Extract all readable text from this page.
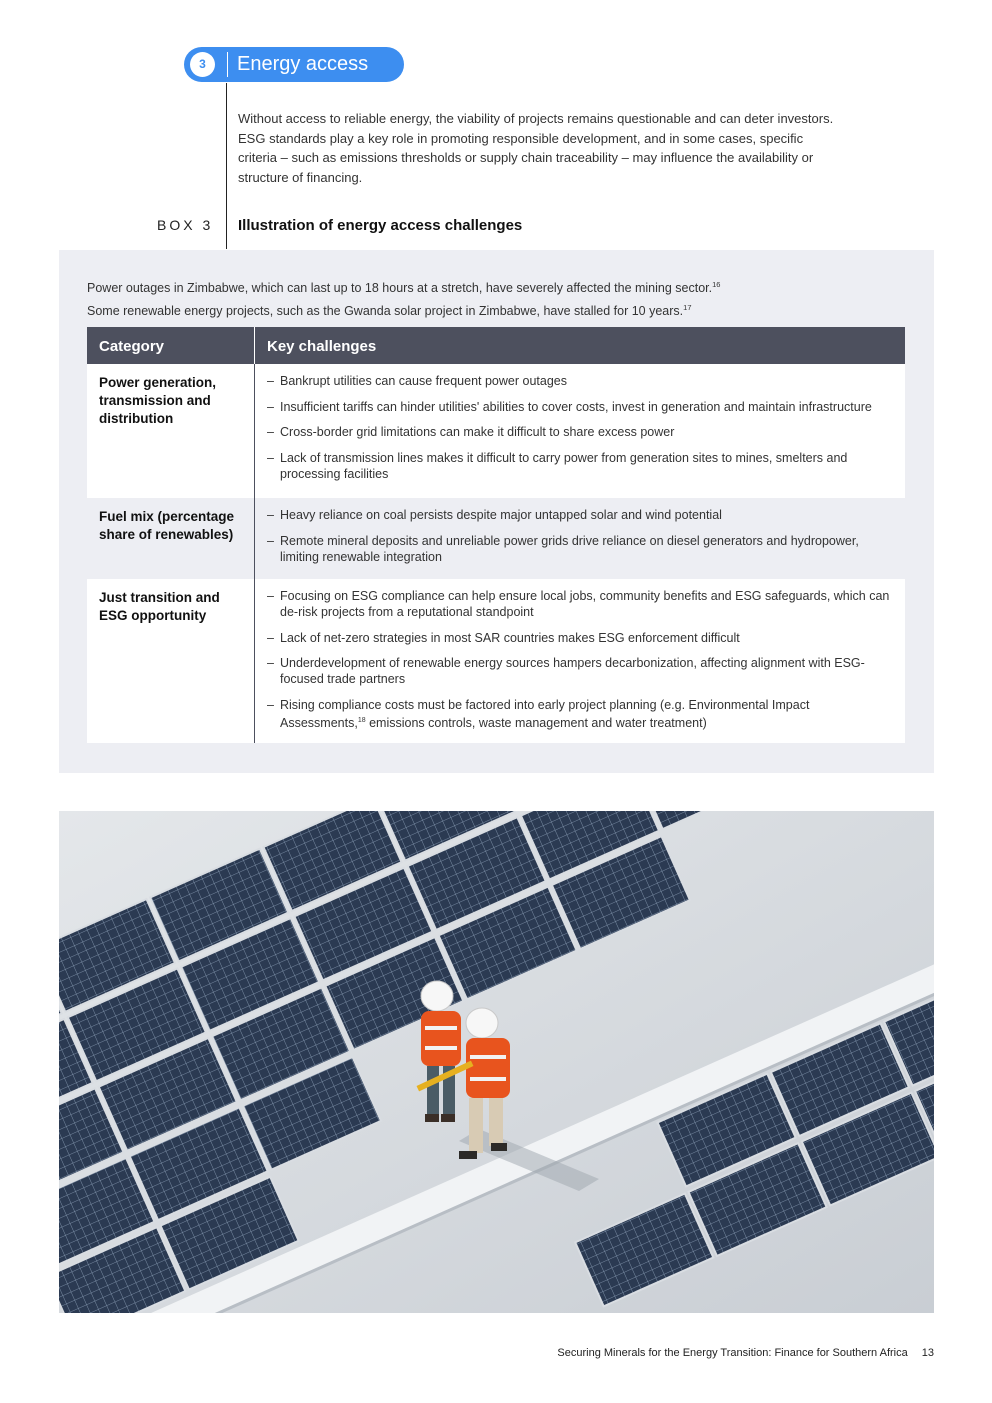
3	Energy access

Without access to reliable energy, the viability of projects remains questionable and can deter investors. ESG standards play a key role in promoting responsible development, and in some cases, specific criteria – such as emissions thresholds or supply chain traceability – may influence the availability or structure of financing.

BOX 3 Illustration of energy access challenges
Power outages in Zimbabwe, which can last up to 18 hours at a stretch, have severely affected the mining sector.$^{16}$
Some renewable energy projects, such as the Gwanda solar project in Zimbabwe, have stalled for 10 years.$^{17}$
Category	Key challenges
Power generation, transmission and distribution
– Bankrupt utilities can cause frequent power outages
– Insufficient tariffs can hinder utilities' abilities to cover costs, invest in generation and maintain infrastructure
– Cross-border grid limitations can make it difficult to share excess power
– Lack of transmission lines makes it difficult to carry power from generation sites to mines, smelters and processing facilities
Fuel mix (percentage share of renewables)
– Heavy reliance on coal persists despite major untapped solar and wind potential
– Remote mineral deposits and unreliable power grids drive reliance on diesel generators and hydropower, limiting renewable integration
Just transition and ESG opportunity
– Focusing on ESG compliance can help ensure local jobs, community benefits and ESG safeguards, which can de-risk projects from a reputational standpoint
– Lack of net-zero strategies in most SAR countries makes ESG enforcement difficult
– Underdevelopment of renewable energy sources hampers decarbonization, affecting alignment with ESG-focused trade partners
– Rising compliance costs must be factored into early project planning (e.g. Environmental Impact Assessments,$^{18}$ emissions controls, waste management and water treatment)
Securing Minerals for the Energy Transition: Finance for Southern Africa 13
